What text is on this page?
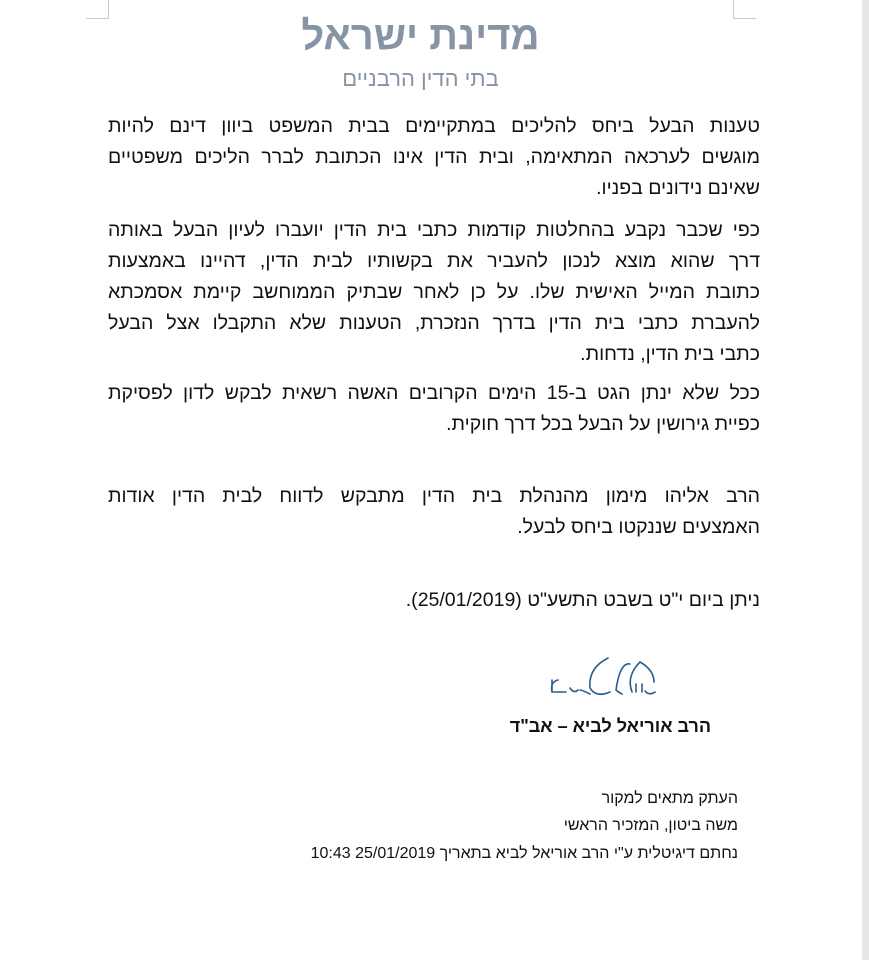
מדינת ישראל
בתי הדין הרבניים
טענות הבעל ביחס להליכים במתקיימים בבית המשפט ביוון דינם להיות
מוגשים לערכאה המתאימה, ובית הדין אינו הכתובת לברר הליכים משפטיים
שאינם נידונים בפניו.
כפי שכבר נקבע בהחלטות קודמות כתבי בית הדין יועברו לעיון הבעל באותה
דרך שהוא מוצא לנכון להעביר את בקשותיו לבית הדין, דהיינו באמצעות
כתובת המייל האישית שלו. על כן לאחר שבתיק הממוחשב קיימת אסמכתא
להעברת כתבי בית הדין בדרך הנזכרת, הטענות שלא התקבלו אצל הבעל
כתבי בית הדין, נדחות.
ככל שלא ינתן הגט ב-15 הימים הקרובים האשה רשאית לבקש לדון לפסיקת
כפיית גירושין על הבעל בכל דרך חוקית.
הרב אליהו מימון מהנהלת בית הדין מתבקש לדווח לבית הדין אודות
האמצעים שננקטו ביחס לבעל.
ניתן ביום י"ט בשבט התשע"ט (25/01/2019).
הרב אוריאל לביא – אב"ד
העתק מתאים למקור
משה ביטון, המזכיר הראשי
נחתם דיגיטלית ע"י הרב אוריאל לביא בתאריך 25/01/2019 10:43
